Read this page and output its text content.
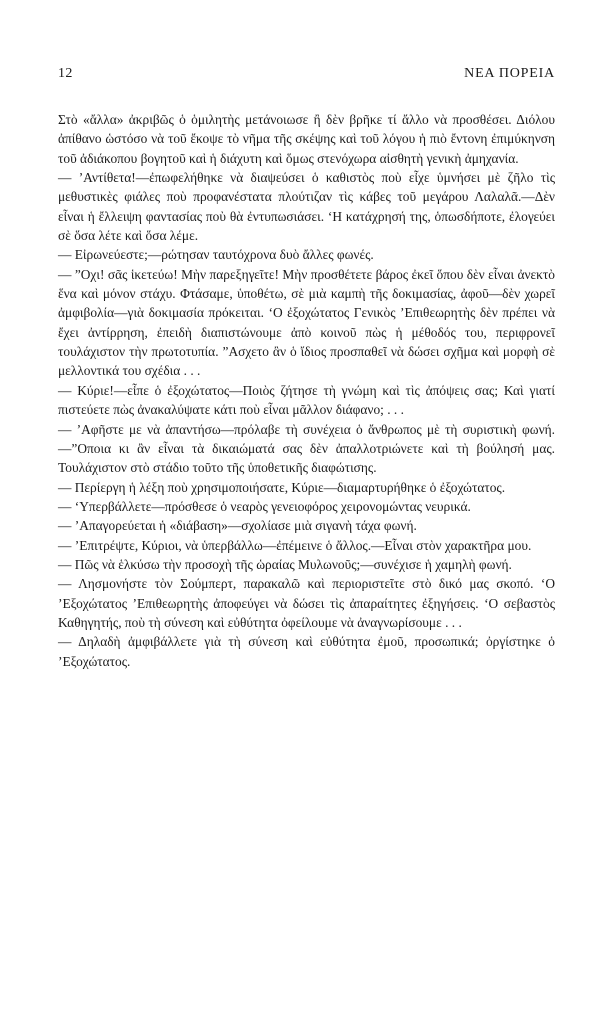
12	ΝΕΑ ΠΟΡΕΙΑ

Στὸ «ἄλλα» ἀκριβῶς ὁ ὁμιλητὴς μετάνοιωσε ἢ δὲν βρῆκε τί ἄλλο νὰ προσθέσει. Διόλου ἀπίθανο ὡστόσο νὰ τοῦ ἔκοψε τὸ νῆμα τῆς σκέψης καὶ τοῦ λόγου ἡ πιὸ ἔντονη ἐπιμύκηνση τοῦ ἀδιάκοπου βογητοῦ καὶ ἡ διάχυτη καὶ ὅμως στενόχωρα αἰσθητὴ γενικὴ ἀμηχανία.

— ’Αντίθετα!—ἐπωφελήθηκε νὰ διαψεύσει ὁ καθιστὸς ποὺ εἶχε ὑμνήσει μὲ ζῆλο τὶς μεθυστικὲς φιάλες ποὺ προφανέστατα πλούτιζαν τὶς κάβες τοῦ μεγάρου Λαλαλᾶ.—Δὲν εἶναι ἡ ἔλλειψη φαντασίας ποὺ θὰ ἐντυπωσιάσει. ‘Η κατάχρησή της, ὁπωσδήποτε, ἐλογεύει σὲ ὅσα λέτε καὶ ὅσα λέμε.

— Εἰρωνεύεστε;—ρώτησαν ταυτόχρονα δυὸ ἄλλες φωνές.

— ”Οχι! σᾶς ἱκετεύω! Μὴν παρεξηγεῖτε! Μὴν προσθέτετε βάρος ἐκεῖ ὅπου δὲν εἶναι ἀνεκτὸ ἕνα καὶ μόνον στάχυ. Φτάσαμε, ὑποθέτω, σὲ μιὰ καμπὴ τῆς δοκιμασίας, ἀφοῦ—δὲν χωρεῖ ἀμφιβολία—γιὰ δοκιμασία πρόκειται. ‘Ο ἐξοχώτατος Γενικὸς ’Επιθεωρητὴς δὲν πρέπει νὰ ἔχει ἀντίρρηση, ἐπειδὴ διαπιστώνουμε ἀπὸ κοινοῦ πὼς ἡ μέθοδός του, περιφρονεῖ τουλάχιστον τὴν πρωτοτυπία. ”Ασχετο ἂν ὁ ἴδιος προσπαθεῖ νὰ δώσει σχῆμα καὶ μορφὴ σὲ μελλοντικά του σχέδια . . .

— Κύριε!—εἶπε ὁ ἐξοχώτατος—Ποιὸς ζήτησε τὴ γνώμη καὶ τὶς ἀπόψεις σας; Καὶ γιατί πιστεύετε πὼς ἀνακαλύψατε κάτι ποὺ εἶναι μᾶλλον διάφανο; . . .

— ’Αφῆστε με νὰ ἀπαντήσω—πρόλαβε τὴ συνέχεια ὁ ἄνθρωπος μὲ τὴ συριστικὴ φωνή.—”Οποια κι ἂν εἶναι τὰ δικαιώματά σας δὲν ἀπαλλοτριώνετε καὶ τὴ βούλησή μας. Τουλάχιστον στὸ στάδιο τοῦτο τῆς ὑποθετικῆς διαφώτισης.

— Περίεργη ἡ λέξη ποὺ χρησιμοποιήσατε, Κύριε—διαμαρτυρήθηκε ὁ ἐξοχώτατος.

— ‘Υπερβάλλετε—πρόσθεσε ὁ νεαρὸς γενειοφόρος χειρονομώντας νευρικά.

— ’Απαγορεύεται ἡ «διάβαση»—σχολίασε μιὰ σιγανὴ τάχα φωνή.

— ’Επιτρέψτε, Κύριοι, νὰ ὑπερβάλλω—ἐπέμεινε ὁ ἄλλος.—Εἶναι στὸν χαρακτῆρα μου.

— Πῶς νὰ ἑλκύσω τὴν προσοχὴ τῆς ὡραίας Μυλωνοῦς;—συνέχισε ἡ χαμηλὴ φωνή.

— Λησμονήστε τὸν Σούμπερτ, παρακαλῶ καὶ περιοριστεῖτε στὸ δικό μας σκοπό. ‘Ο ’Εξοχώτατος ’Επιθεωρητὴς ἀποφεύγει νὰ δώσει τὶς ἀπαραίτητες ἐξηγήσεις. ‘Ο σεβαστὸς Καθηγητής, ποὺ τὴ σύνεση καὶ εὐθύτητα ὀφείλουμε νὰ ἀναγνωρίσουμε . . .

— Δηλαδὴ ἀμφιβάλλετε γιὰ τὴ σύνεση καὶ εὐθύτητα ἐμοῦ, προσωπικά; ὀργίστηκε ὁ ’Εξοχώτατος.
